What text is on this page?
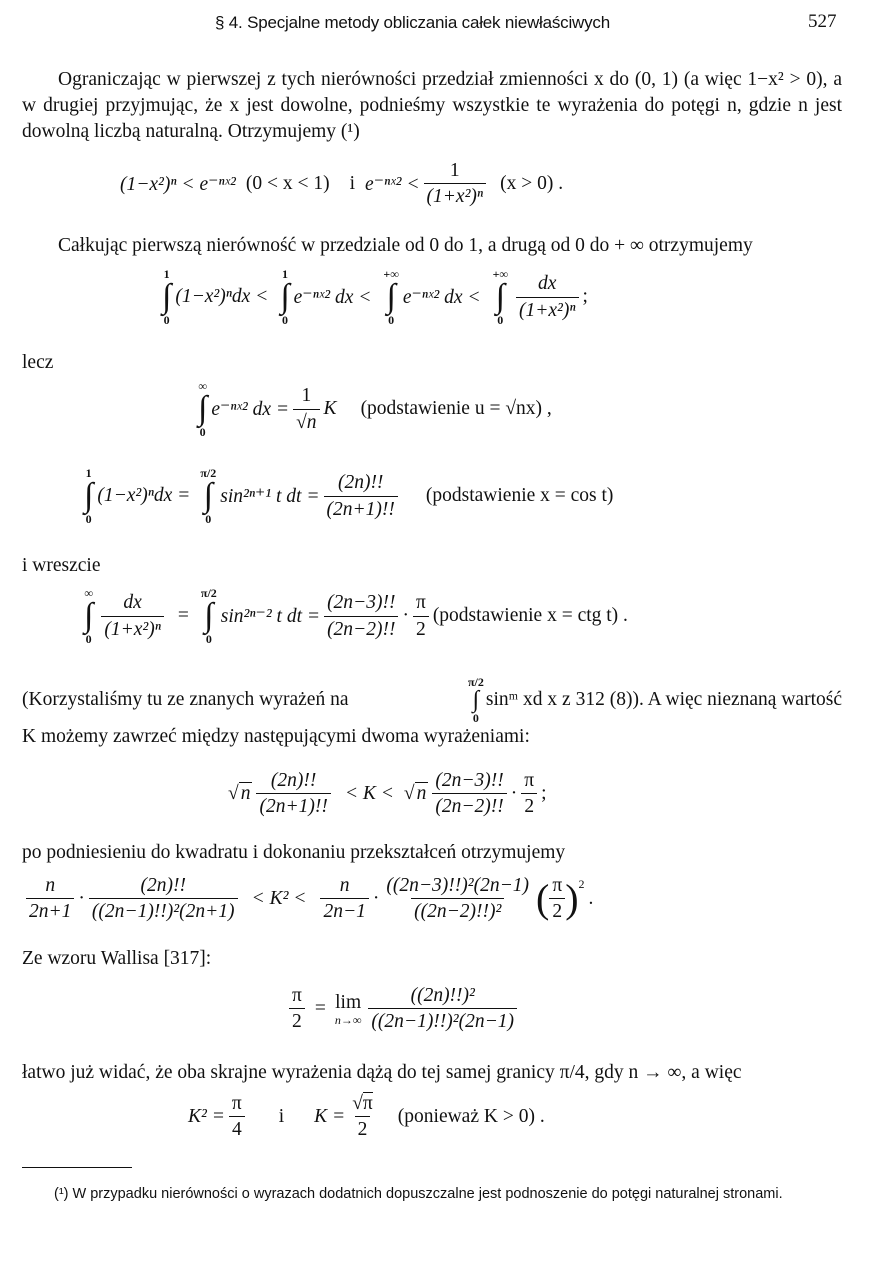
§ 4. Specjalne metody obliczania całek niewłaściwych	527
Ograniczając w pierwszej z tych nierówności przedział zmienności x do (0, 1) (a więc 1−x² > 0), a w drugiej przyjmując, że x jest dowolne, podnieśmy wszystkie te wyrażenia do potęgi n, gdzie n jest dowolną liczbą naturalną. Otrzymujemy (¹)
(1−x²)ⁿ < e⁻ⁿˣ² (0 < x < 1) i e⁻ⁿˣ² < $\frac{1}{\text{(1+x²)ⁿ}} (x > 0)$ .
Całkując pierwszą nierówność w przedziale od 0 do 1, a drugą od 0 do + ∞ otrzymujemy
1
∫
0
(1−x²)ⁿdx <
1
∫
0
e⁻ⁿˣ² dx <
+∞
∫
0
e⁻ⁿˣ² dx <
+∞
∫
$0 \frac{dx}{\text{(1+x²)ⁿ}}$ ;
lecz
∞
∫
0
e⁻ⁿˣ² dx = $\frac{1}{√n}$ K (podstawienie u = √nx) ,
1
∫
0
(1−x²)ⁿdx =
π/2
∫
0
sin²ⁿ⁺¹ t dt = $\frac{(2n)!!}{(2n+1)!!}$ (podstawienie x = cos t)
i wreszcie
∞
∫
$0 \frac{dx}{\text{(1+x²)ⁿ}}$ =
π/2
∫
0
sin²ⁿ⁻² t dt = $\frac{(2n-3)!!}{(2n-2)!!} \cdot \frac{\pi}{2}$ (podstawienie x = ctg t) .
(Korzystaliśmy tu ze znanych wyrażeń na
π/2
∫
0
sinᵐ xd x z 312 (8)). A więc nieznaną wartość
K możemy zawrzeć między następującymi dwoma wyrażeniami:
√ n $\frac{(2n)!!}{(2n+1)!!} < K$ < √ n $\frac{(2n-3)!!}{(2n-2)!!} \cdot \frac{\pi}{2}$ ;
po podniesieniu do kwadratu i dokonaniu przekształceń otrzymujemy
$\frac{n}{2n+1} \cdot \frac{(2n)!!}{\text{((2n−1)!!)²(2n+1)}} < K^2 < \frac{n}{2n-1} \cdot \frac{\text{((2n−3)!!)²(2n−1)}}{\text{((2n−2)!!)²}}$ ( $\frac{\pi}{2} )^2$
.
Ze wzoru Wallisa [317]:
$\frac{\pi}{2} = \lim$
$n\to\infty \frac{\text{((2n)!!)²}}{\text{((2n−1)!!)²(2n−1)}}$
łatwo już widać, że oba skrajne wyrażenia dążą do tej samej granicy π/4, gdy n → ∞, a więc
$K^2 = \frac{\pi}{4}$ i $K = \frac{√\pi}{2}$ (ponieważ K > 0) .
(¹) W przypadku nierówności o wyrazach dodatnich dopuszczalne jest podnoszenie do potęgi naturalnej stronami.
